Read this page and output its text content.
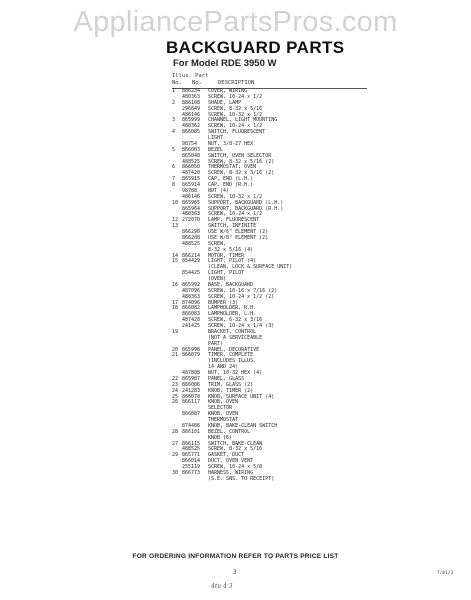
AppliancePartsPros.com
BACKGUARD PARTS
For Model RDE 3950 W
Illus. Part
No. No.	DESCRIPTION
1 886234 COVER, WIRING
480363 SCREW, 10-24 x 1/2
2 886108 SHADE, LAMP
296849 SCREW, 8-32 x 5/16
486146 SCREW, 10-32 x 1/2
3 865999 CHANNEL, LIGHT MOUNTING
480362 SCREW, 10-24 x 1/2
4 866085 SWITCH, FLUORESCENT
LIGHT
98754 NUT, 3/8-27 HEX
5 866003 BEZEL
865048 SWITCH, OVEN SELECTOR
488525 SCREW, 8-32 x 5/16 (2)
6 866050 THERMOSTAT, OVEN
487428 SCREW, 8-32 x 3/16 (2)
7 865915 CAP, END (L.H.)
8 865914 CAP, END (R.H.)
98788 NUT (4)
486146 SCREW, 10-32 x 1/2
10 865965 SUPPORT, BACKGUARD (L.H.)
865964 SUPPORT, BACKGUARD (R.H.)
480363 SCREW, 10-24 x 1/2
12 272070 LAMP, FLUORESCENT
13	SWITCH, INFINITE
866290 USE W/6" ELEMENT (2)
866288 USE W/8" ELEMENT (2)
488525 SCREW,
8-32 x 5/16 (4)
14 866214 MOTOR, TIMER
15 854429 LIGHT, PILOT (4)
(CLEAN, LOCK & SURFACE UNIT)
854425 LIGHT, PILOT
(OVEN)
16 865992 BASE, BACKGUARD
487096 SCREW, 10-16 x 7/16 (2)
480363 SCREW, 10-24 x 1/2 (2)
17 874096 BUMPER (3)
18 866082 LAMPHOLDER, R.H.
866083 LAMPHOLDER, L.H.
487428 SCREW, 6-32 x 3/16
241425 SCREW, 10-24 x 1/4 (3)
19	BRACKET, CONTROL
(NOT A SERVICEABLE
PART)
20 865998 PANEL, DECORATIVE
21 866079 TIMER, COMPLETE
(INCLUDES ILLUS.
14 AND 24)
487808 NUT, 10-32 HEX (4)
22 865987 PANEL, GLASS
23 866006 TRIM, GLASS (2)
24 241283 KNOB, TIMER (2)
25 866078 KNOB, SURFACE UNIT (4)
26 866117 KNOB, OVEN
SELECTOR
866087 KNOB, OVEN
THERMOSTAT
874406 KNOB, BAKE-CLEAN SWITCH
28 866101 BEZEL, CONTROL
KNOB (6)
27 866115 SWITCH, BAKE-CLEAN
488525 SCREW, 8-32 x 5/16
29 865771 GASKET, DUCT
866014 DUCT, OVEN VENT
255119 SCREW, 10-24 x 5/8
30 866773 HARNESS, WIRING
(S.E. SNS. TO RECEIPT)
FOR ORDERING INFORMATION REFER TO PARTS PRICE LIST
3	7/81/3
4tu 4 3
